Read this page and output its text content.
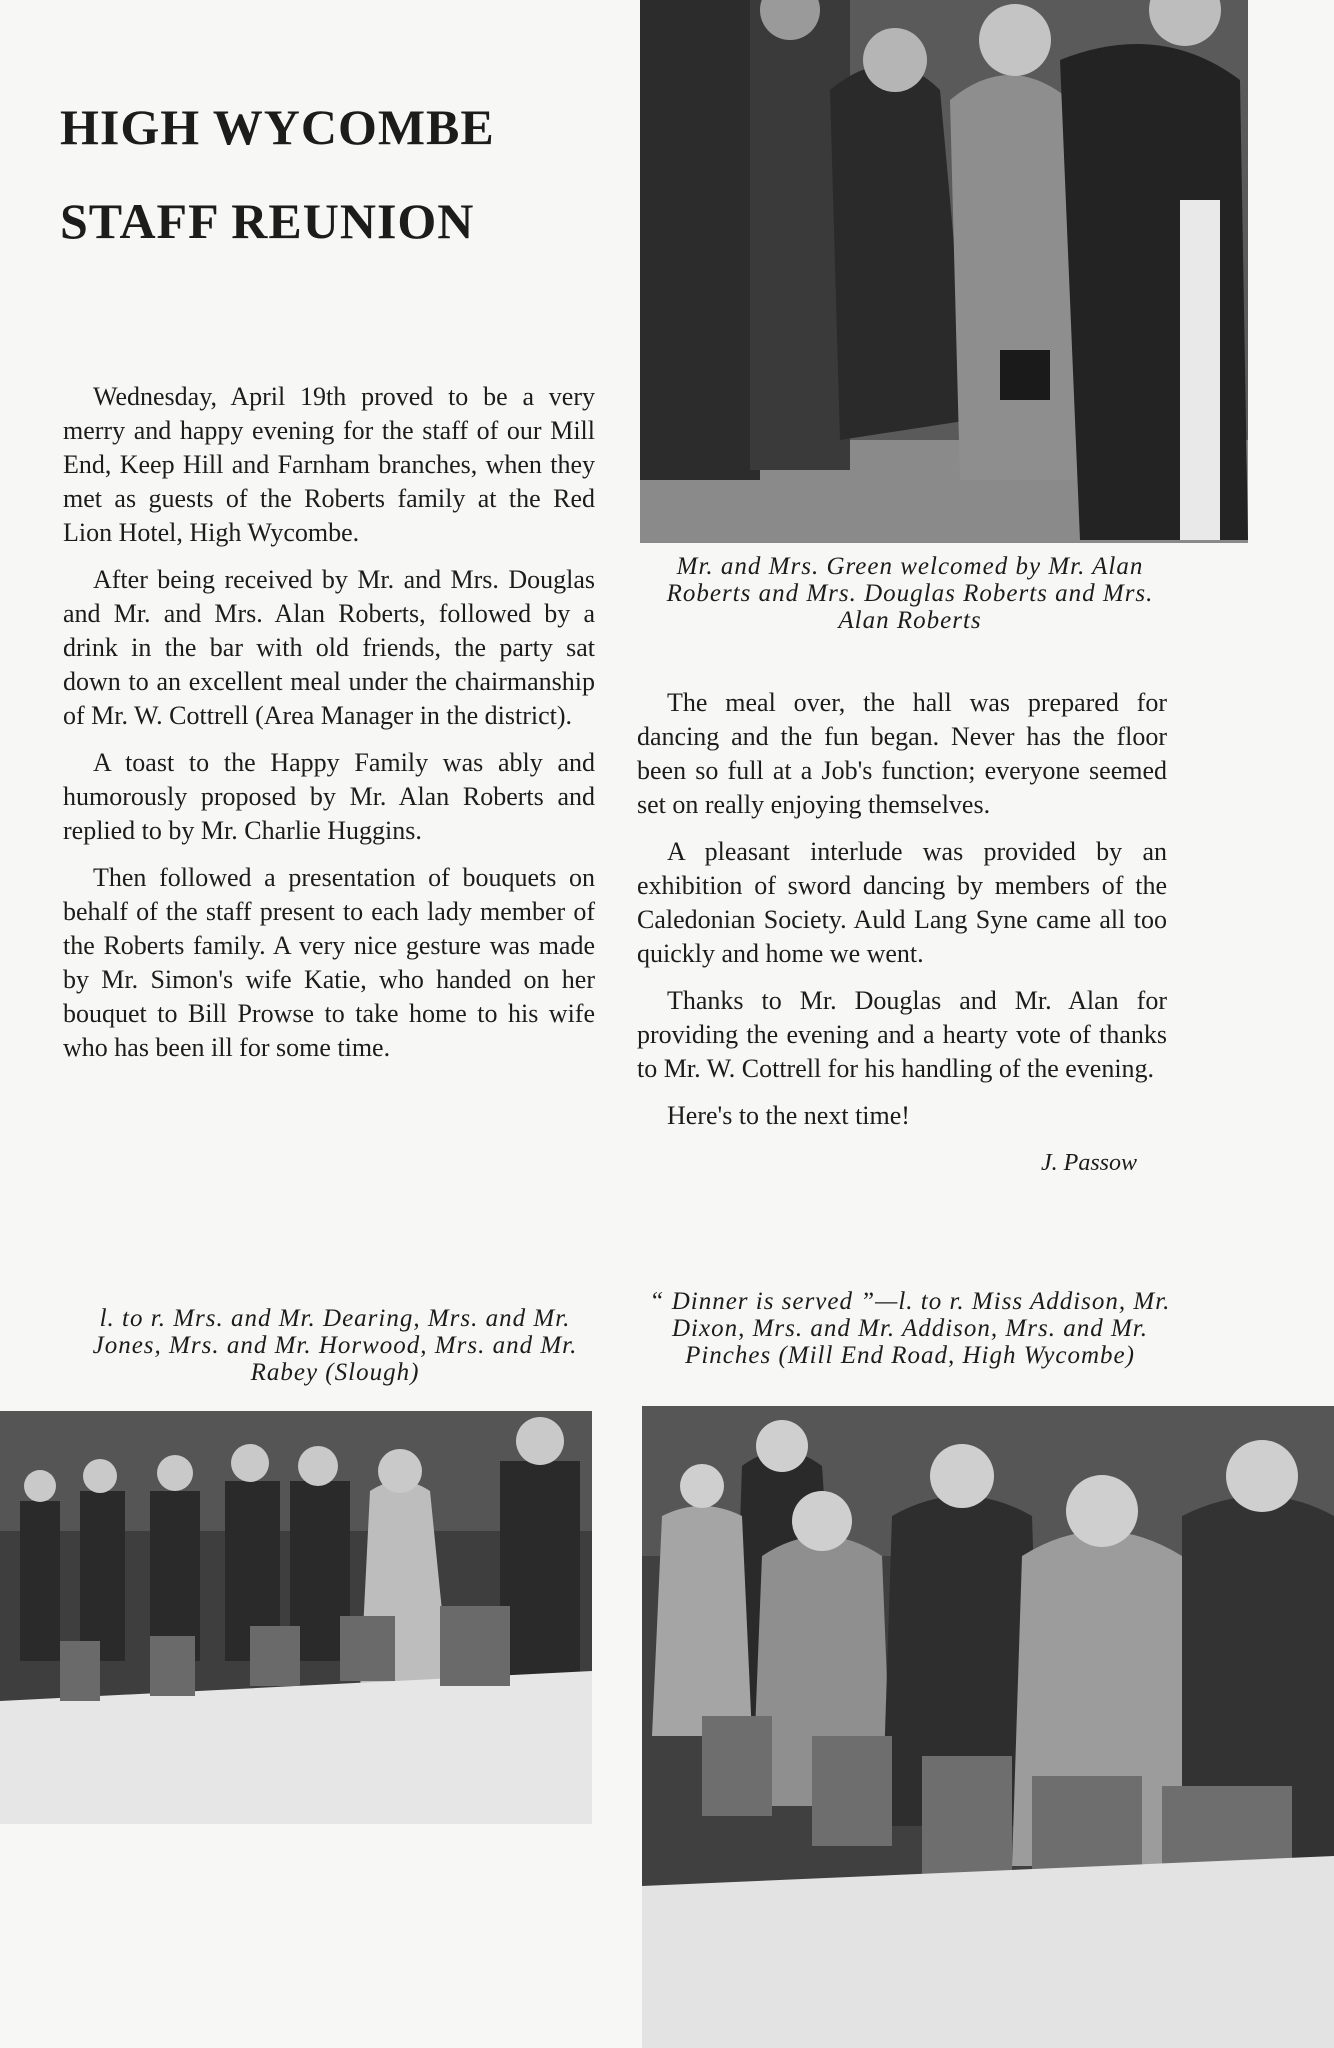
HIGH WYCOMBE
STAFF REUNION
Mr. and Mrs. Green welcomed by Mr. Alan Roberts and Mrs. Douglas Roberts and Mrs. Alan Roberts

Wednesday, April 19th proved to be a very merry and happy evening for the staff of our Mill End, Keep Hill and Farnham branches, when they met as guests of the Roberts family at the Red Lion Hotel, High Wycombe.

After being received by Mr. and Mrs. Douglas and Mr. and Mrs. Alan Roberts, followed by a drink in the bar with old friends, the party sat down to an excellent meal under the chairmanship of Mr. W. Cottrell (Area Manager in the district).

A toast to the Happy Family was ably and humorously proposed by Mr. Alan Roberts and replied to by Mr. Charlie Huggins.

Then followed a presentation of bouquets on behalf of the staff present to each lady member of the Roberts family. A very nice gesture was made by Mr. Simon's wife Katie, who handed on her bouquet to Bill Prowse to take home to his wife who has been ill for some time.

The meal over, the hall was prepared for dancing and the fun began. Never has the floor been so full at a Job's function; everyone seemed set on really enjoying themselves.

A pleasant interlude was provided by an exhibition of sword dancing by members of the Caledonian Society. Auld Lang Syne came all too quickly and home we went.

Thanks to Mr. Douglas and Mr. Alan for providing the evening and a hearty vote of thanks to Mr. W. Cottrell for his handling of the evening.

Here's to the next time!

J. Passow
l. to r. Mrs. and Mr. Dearing, Mrs. and Mr. Jones, Mrs. and Mr. Horwood, Mrs. and Mr. Rabey (Slough)
“ Dinner is served ”—l. to r. Miss Addison, Mr. Dixon, Mrs. and Mr. Addison, Mrs. and Mr. Pinches (Mill End Road, High Wycombe)
